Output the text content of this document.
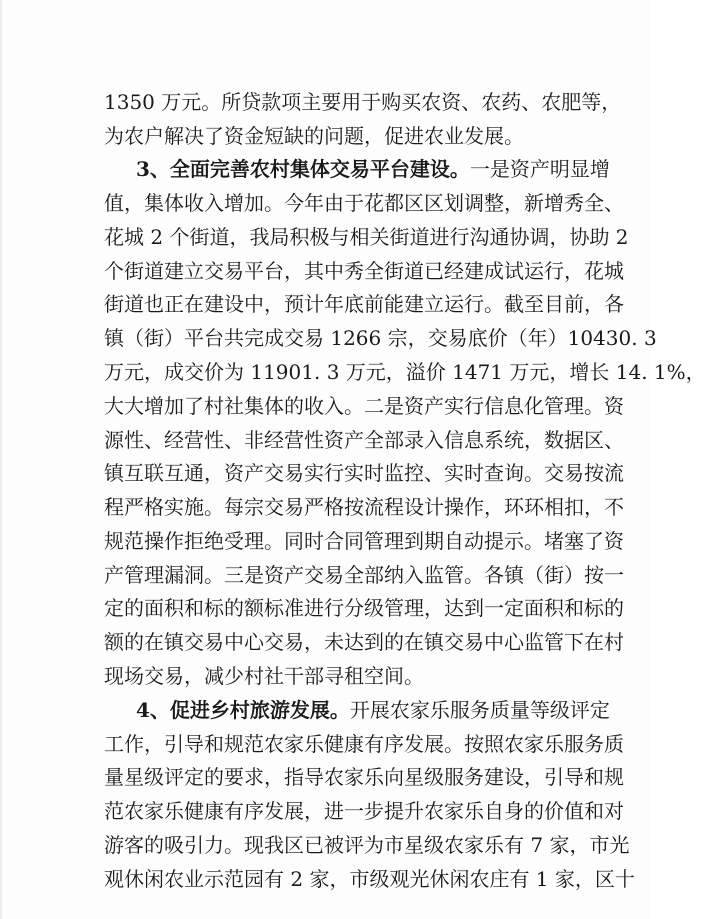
1350 万元。所贷款项主要用于购买农资、农药、农肥等，
为农户解决了资金短缺的问题，促进农业发展。
3、全面完善农村集体交易平台建设。一是资产明显增
值，集体收入增加。今年由于花都区区划调整，新增秀全、
花城 2 个街道，我局积极与相关街道进行沟通协调，协助 2
个街道建立交易平台，其中秀全街道已经建成试运行，花城
街道也正在建设中，预计年底前能建立运行。截至目前，各
镇（街）平台共完成交易 1266 宗，交易底价（年）10430. 3
万元，成交价为 11901. 3 万元，溢价 1471 万元，增长 14. 1%，
大大增加了村社集体的收入。二是资产实行信息化管理。资
源性、经营性、非经营性资产全部录入信息系统，数据区、
镇互联互通，资产交易实行实时监控、实时查询。交易按流
程严格实施。每宗交易严格按流程设计操作，环环相扣，不
规范操作拒绝受理。同时合同管理到期自动提示。堵塞了资
产管理漏洞。三是资产交易全部纳入监管。各镇（街）按一
定的面积和标的额标准进行分级管理，达到一定面积和标的
额的在镇交易中心交易，未达到的在镇交易中心监管下在村
现场交易，减少村社干部寻租空间。
4、促进乡村旅游发展。开展农家乐服务质量等级评定
工作，引导和规范农家乐健康有序发展。按照农家乐服务质
量星级评定的要求，指导农家乐向星级服务建设，引导和规
范农家乐健康有序发展，进一步提升农家乐自身的价值和对
游客的吸引力。现我区已被评为市星级农家乐有 7 家，市光
观休闲农业示范园有 2 家，市级观光休闲农庄有 1 家，区十
